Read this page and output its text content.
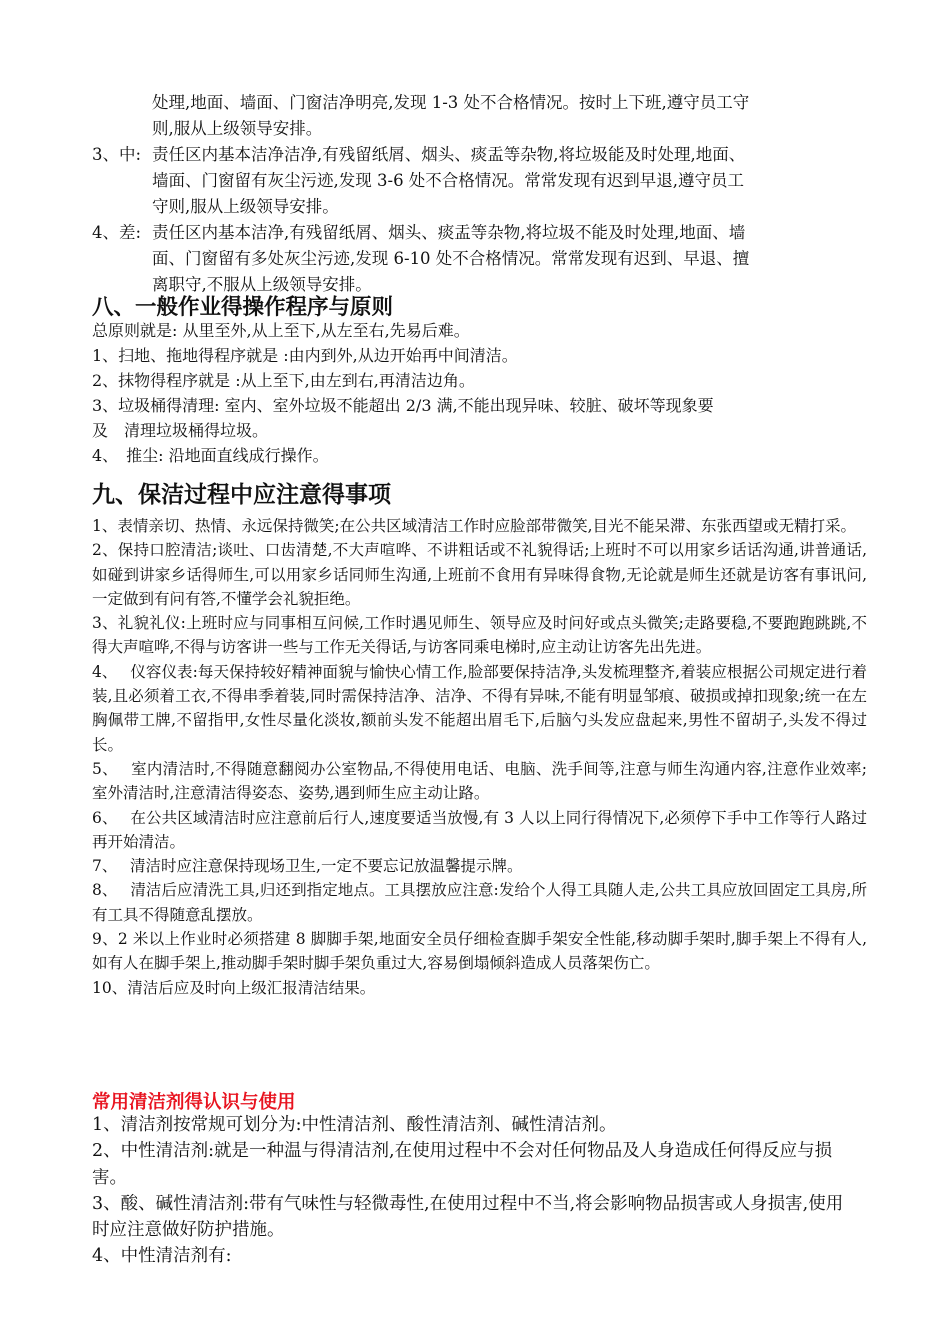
处理,地面、墙面、门窗洁净明亮,发现 1-3 处不合格情况。按时上下班,遵守员工守
则,服从上级领导安排。
3、中: 责任区内基本洁净洁净,有残留纸屑、烟头、痰盂等杂物,将垃圾能及时处理,地面、
墙面、门窗留有灰尘污迹,发现 3-6 处不合格情况。常常发现有迟到早退,遵守员工
守则,服从上级领导安排。
4、差: 责任区内基本洁净,有残留纸屑、烟头、痰盂等杂物,将垃圾不能及时处理,地面、墙
面、门窗留有多处灰尘污迹,发现 6-10 处不合格情况。常常发现有迟到、早退、擅
离职守,不服从上级领导安排。
八、一般作业得操作程序与原则
总原则就是: 从里至外,从上至下,从左至右,先易后难。
1、扫地、拖地得程序就是 :由内到外,从边开始再中间清洁。
2、抹物得程序就是 :从上至下,由左到右,再清洁边角。
3、垃圾桶得清理: 室内、室外垃圾不能超出 2/3 满,不能出现异味、较脏、破坏等现象要
及　清理垃圾桶得垃圾。
4、　推尘: 沿地面直线成行操作。
九、保洁过程中应注意得事项

1、表情亲切、热情、永远保持微笑;在公共区域清洁工作时应脸部带微笑,目光不能呆滞、东张西望或无精打采。

2、保持口腔清洁;谈吐、口齿清楚,不大声喧哗、不讲粗话或不礼貌得话;上班时不可以用家乡话话沟通,讲普通话,如碰到讲家乡话得师生,可以用家乡话同师生沟通,上班前不食用有异味得食物,无论就是师生还就是访客有事讯问,一定做到有问有答,不懂学会礼貌拒绝。

3、礼貌礼仪:上班时应与同事相互问候,工作时遇见师生、领导应及时问好或点头微笑;走路要稳,不要跑跑跳跳,不得大声喧哗,不得与访客讲一些与工作无关得话,与访客同乘电梯时,应主动让访客先出先进。

4、　 仪容仪表:每天保持较好精神面貌与愉快心情工作,脸部要保持洁净,头发梳理整齐,着装应根据公司规定进行着装,且必须着工衣,不得串季着装,同时需保持洁净、洁净、不得有异味,不能有明显邹痕、破损或掉扣现象;统一在左胸佩带工牌,不留指甲,女性尽量化淡妆,额前头发不能超出眉毛下,后脑勺头发应盘起来,男性不留胡子,头发不得过长。

5、　 室内清洁时,不得随意翻阅办公室物品,不得使用电话、电脑、洗手间等,注意与师生沟通内容,注意作业效率;室外清洁时,注意清洁得姿态、姿势,遇到师生应主动让路。

6、　 在公共区域清洁时应注意前后行人,速度要适当放慢,有 3 人以上同行得情况下,必须停下手中工作等行人路过再开始清洁。

7、　 清洁时应注意保持现场卫生,一定不要忘记放温馨提示牌。

8、　 清洁后应清洗工具,归还到指定地点。工具摆放应注意:发给个人得工具随人走,公共工具应放回固定工具房,所有工具不得随意乱摆放。

9、2 米以上作业时必须搭建 8 脚脚手架,地面安全员仔细检查脚手架安全性能,移动脚手架时,脚手架上不得有人,如有人在脚手架上,推动脚手架时脚手架负重过大,容易倒塌倾斜造成人员落架伤亡。

10、清洁后应及时向上级汇报清洁结果。

常用清洁剂得认识与使用

1、清洁剂按常规可划分为:中性清洁剂、酸性清洁剂、碱性清洁剂。

2、中性清洁剂:就是一种温与得清洁剂,在使用过程中不会对任何物品及人身造成任何得反应与损害。

3、酸、碱性清洁剂:带有气味性与轻微毒性,在使用过程中不当,将会影响物品损害或人身损害,使用时应注意做好防护措施。

4、中性清洁剂有:
